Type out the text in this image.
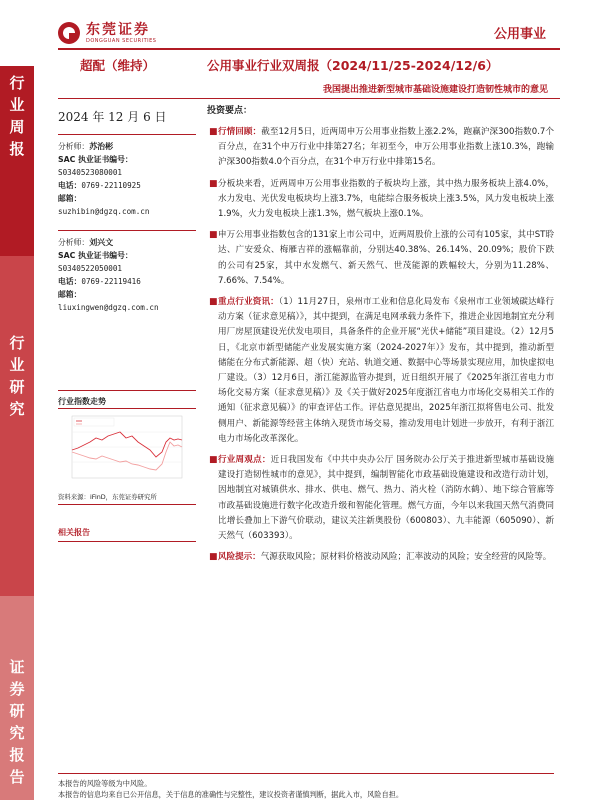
东莞证券
DONGGUAN SECURITIES	公用事业
行
业
周
报
行
业
研
究
证
券
研
究
报
告
超配（维持）	公用事业行业双周报（2024/11/25-2024/12/6）
我国提出推进新型城市基础设施建设打造韧性城市的意见
2024 年 12 月 6 日
分析师：苏治彬
SAC 执业证书编号：
S0340523080001
电话：0769-22110925
邮箱：
suzhibin@dgzq.com.cn
分析师：刘兴文
SAC 执业证书编号：
S0340522050001
电话：0769-22119416
邮箱：
liuxingwen@dgzq.com.cn
行业指数走势
资料来源：iFinD，东莞证券研究所
相关报告
投资要点：
■ 行情回顾：截至12月5日，近两周申万公用事业指数上涨2.2%，跑赢沪深300指数0.7个百分点，在31个申万行业中排第27名；年初至今，申万公用事业指数上涨10.3%，跑输沪深300指数4.0个百分点，在31个申万行业中排第15名。
■ 分板块来看，近两周申万公用事业指数的子板块均上涨，其中热力服务板块上涨4.0%，水力发电、光伏发电板块均上涨3.7%，电能综合服务板块上涨3.5%，风力发电板块上涨1.9%，火力发电板块上涨1.3%，燃气板块上涨0.1%。
■ 申万公用事业指数包含的131家上市公司中，近两周股价上涨的公司有105家，其中ST聆达、广安爱众、梅雁吉祥的涨幅靠前，分别达40.38%、26.14%、20.09%；股价下跌的公司有25家，其中水发燃气、新天然气、世茂能源的跌幅较大，分别为11.28%、7.66%、7.54%。
■ 重点行业资讯：（1）11月27日，泉州市工业和信息化局发布《泉州市工业领域碳达峰行动方案（征求意见稿）》，其中提到，在满足电网承载力条件下，推进企业因地制宜充分利用厂房屋顶建设光伏发电项目，具备条件的企业开展“光伏+储能”项目建设。（2）12月5日，《北京市新型储能产业发展实施方案（2024-2027年）》发布，其中提到，推动新型储能在分布式新能源、超（快）充站、轨道交通、数据中心等场景实现应用，加快虚拟电厂建设。（3）12月6日，浙江能源监管办提到，近日组织开展了《2025年浙江省电力市场化交易方案（征求意见稿）》及《关于做好2025年度浙江省电力市场化交易相关工作的通知（征求意见稿）》的审查评估工作。评估意见提出，2025年浙江拟将售电公司、批发侧用户、新能源等经营主体纳入现货市场交易，推动发用电计划进一步放开，有利于浙江电力市场化改革深化。
■ 行业周观点：近日我国发布《中共中央办公厅 国务院办公厅关于推进新型城市基础设施建设打造韧性城市的意见》，其中提到，编制智能化市政基础设施建设和改造行动计划，因地制宜对城镇供水、排水、供电、燃气、热力、消火栓（消防水鹤）、地下综合管廊等市政基础设施进行数字化改造升级和智能化管理。燃气方面，今年以来我国天然气消费同比增长叠加上下游气价联动，建议关注新奥股份（600803）、九丰能源（605090）、新天然气（603393）。
■ 风险提示：气源获取风险；原材料价格波动风险；汇率波动的风险；安全经营的风险等。
本报告的风险等级为中风险。
本报告的信息均来自已公开信息，关于信息的准确性与完整性，建议投资者谨慎判断，据此入市，风险自担。
